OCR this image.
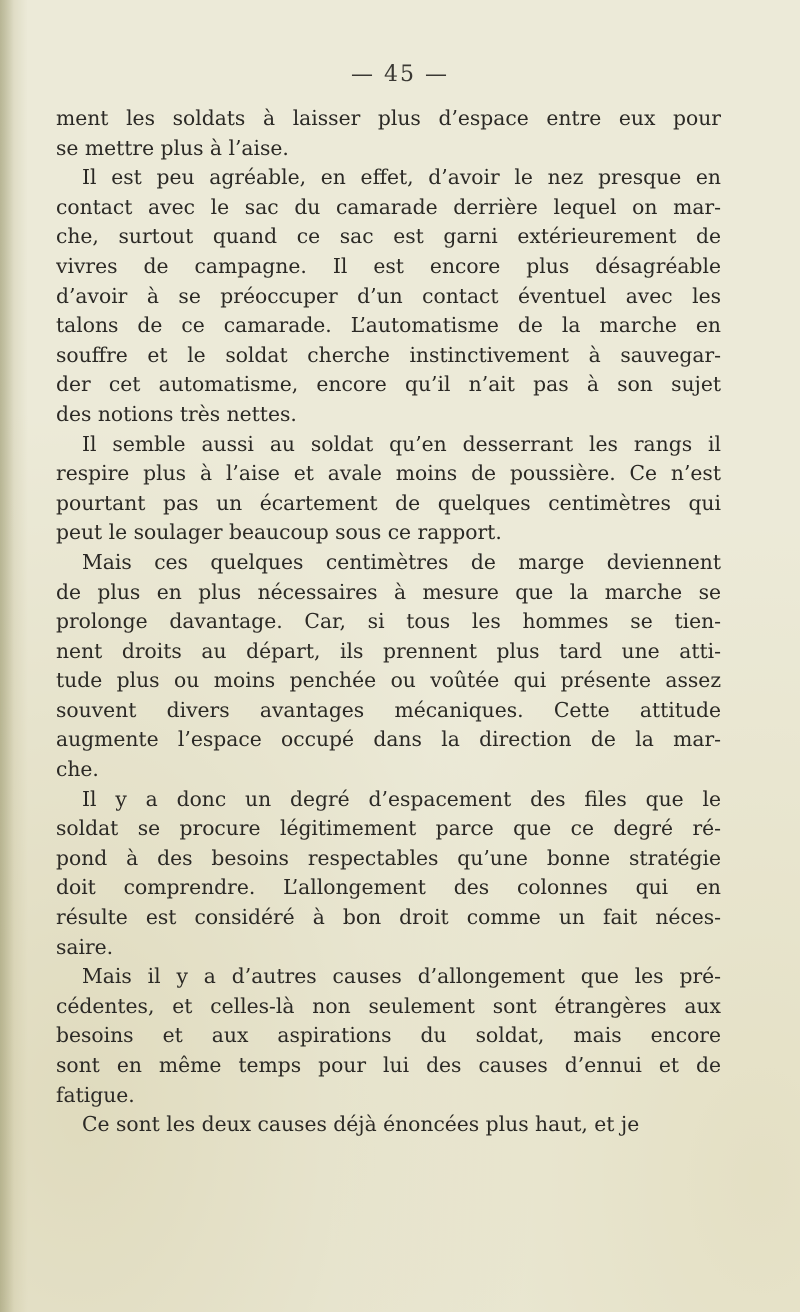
— 45 —
ment les soldats à laisser plus d’espace entre eux pour
se mettre plus à l’aise.
Il est peu agréable, en effet, d’avoir le nez presque en
contact avec le sac du camarade derrière lequel on mar-
che, surtout quand ce sac est garni extérieurement de
vivres de campagne. Il est encore plus désagréable
d’avoir à se préoccuper d’un contact éventuel avec les
talons de ce camarade. L’automatisme de la marche en
souffre et le soldat cherche instinctivement à sauvegar-
der cet automatisme, encore qu’il n’ait pas à son sujet
des notions très nettes.
Il semble aussi au soldat qu’en desserrant les rangs il
respire plus à l’aise et avale moins de poussière. Ce n’est
pourtant pas un écartement de quelques centimètres qui
peut le soulager beaucoup sous ce rapport.
Mais ces quelques centimètres de marge deviennent
de plus en plus nécessaires à mesure que la marche se
prolonge davantage. Car, si tous les hommes se tien-
nent droits au départ, ils prennent plus tard une atti-
tude plus ou moins penchée ou voûtée qui présente assez
souvent divers avantages mécaniques. Cette attitude
augmente l’espace occupé dans la direction de la mar-
che.
Il y a donc un degré d’espacement des files que le
soldat se procure légitimement parce que ce degré ré-
pond à des besoins respectables qu’une bonne stratégie
doit comprendre. L’allongement des colonnes qui en
résulte est considéré à bon droit comme un fait néces-
saire.
Mais il y a d’autres causes d’allongement que les pré-
cédentes, et celles-là non seulement sont étrangères aux
besoins et aux aspirations du soldat, mais encore
sont en même temps pour lui des causes d’ennui et de
fatigue.
Ce sont les deux causes déjà énoncées plus haut, et je
